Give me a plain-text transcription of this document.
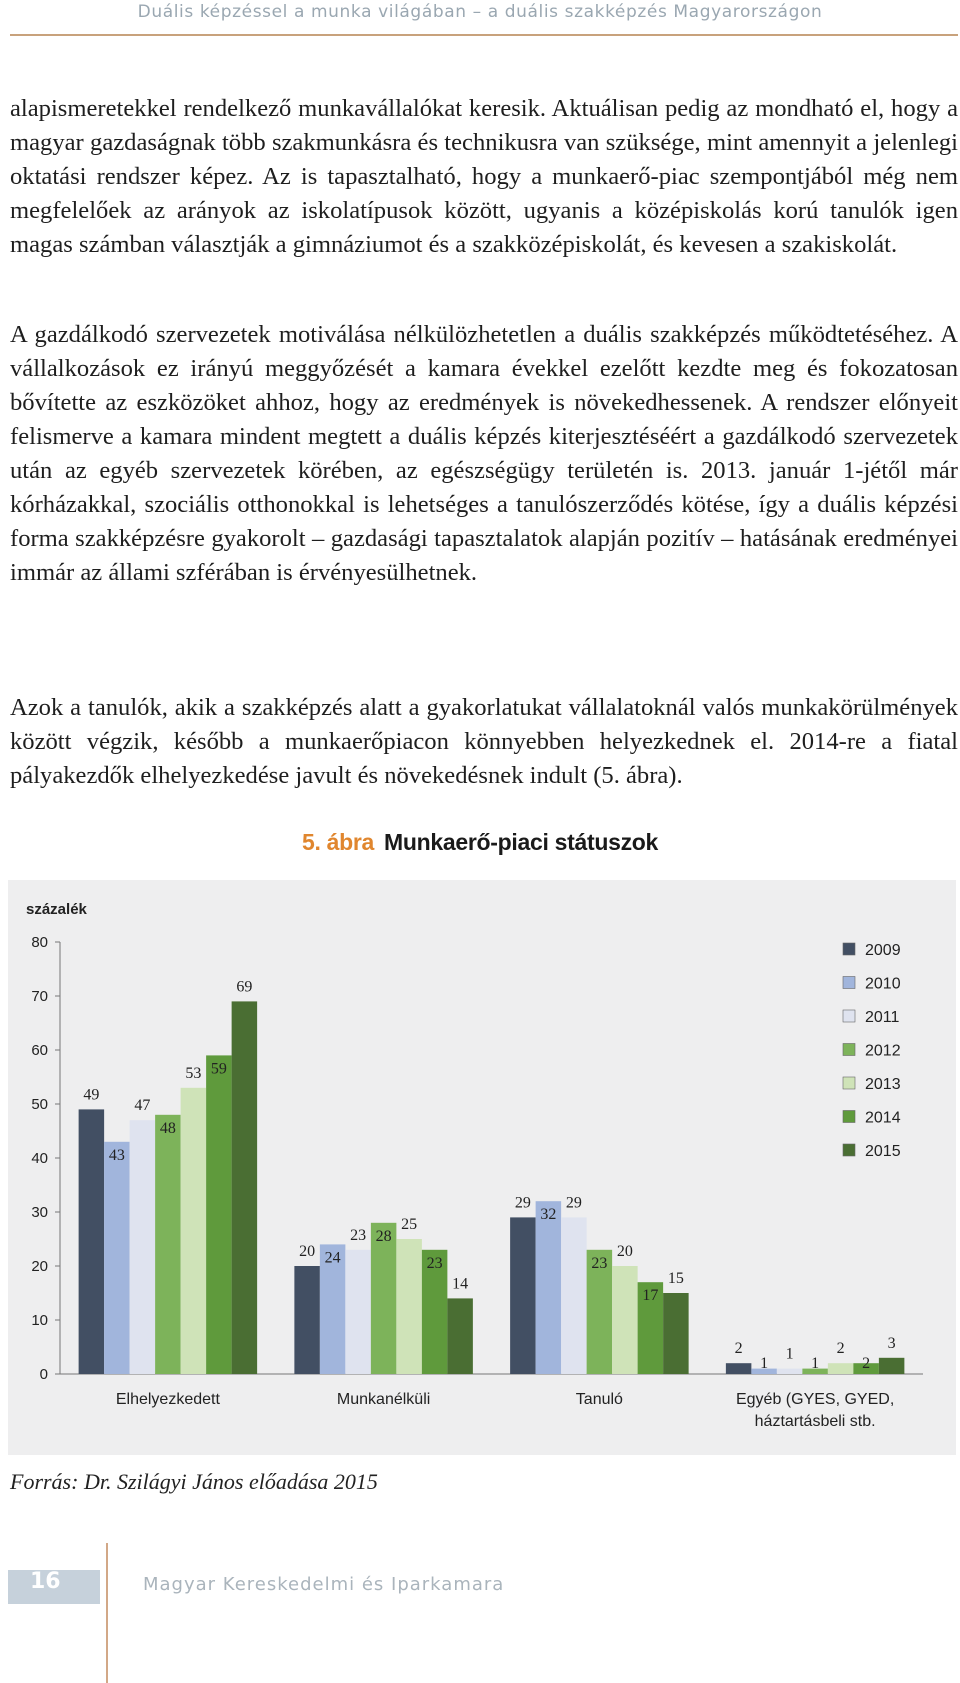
Duális képzéssel a munka világában – a duális szakképzés Magyarországon

alapismeretekkel rendelkező munkavállalókat keresik. Aktuálisan pedig az mondható el, hogy a magyar gazdaságnak több szakmunkásra és technikusra van szüksége, mint amennyit a jelenlegi oktatási rendszer képez. Az is tapasztalható, hogy a munkaerő-piac szempontjából még nem megfelelőek az arányok az iskolatípusok között, ugyanis a középiskolás korú tanulók igen magas számban választják a gimnáziumot és a szakközépiskolát, és kevesen a szakiskolát.

A gazdálkodó szervezetek motiválása nélkülözhetetlen a duális szakképzés működtetéséhez. A vállalkozások ez irányú meggyőzését a kamara évekkel ezelőtt kezdte meg és fokozatosan bővítette az eszközöket ahhoz, hogy az eredmények is növekedhessenek. A rendszer előnyeit felismerve a kamara mindent megtett a duális képzés kiterjesztéséért a gazdálkodó szervezetek után az egyéb szervezetek körében, az egészségügy területén is. 2013. január 1-jétől már kórházakkal, szociális otthonokkal is lehetséges a tanulószerződés kötése, így a duális képzési forma szakképzésre gyakorolt – gazdasági tapasztalatok alapján pozitív – hatásának eredményei immár az állami szférában is érvényesülhetnek.

Azok a tanulók, akik a szakképzés alatt a gyakorlatukat vállalatoknál valós munkakörülmények között végzik, később a munkaerőpiacon könnyebben helyezkednek el. 2014-re a fiatal pályakezdők elhelyezkedése javult és növekedésnek indult (5. ábra).

5. ábra Munkaerő-piaci státuszok
százalék
0
10
20
30
40
50
60
70
80
49
43
47
48
53 59
69
Elhelyezkedett
20 24
23 28
25
23
14
Munkanélküli
29
32
29
23
20
17
15
Tanuló
2
1
1
1
2
2
3
Egyéb (GYES, GYED,
háztartásbeli stb.
2009
2010
2011
2012
2013
2014
2015
Forrás: Dr. Szilágyi János előadása 2015
16	Magyar Kereskedelmi és Iparkamara
